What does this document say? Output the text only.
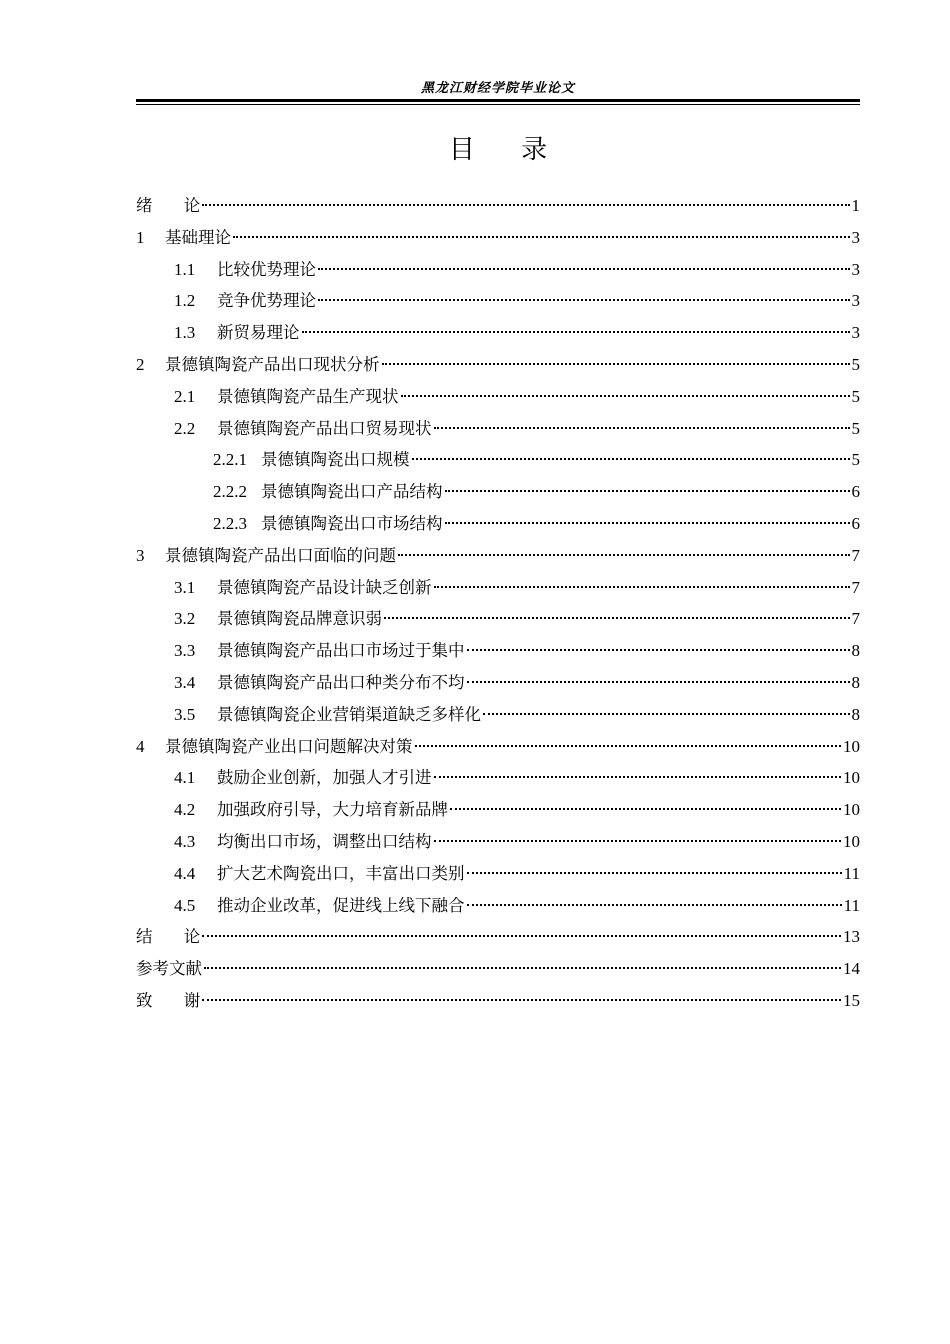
黑龙江财经学院毕业论文
目 录
绪 论	1
1	基础理论	3
1.1	比较优势理论	3
1.2	竞争优势理论	3
1.3	新贸易理论	3
2	景德镇陶瓷产品出口现状分析	5
2.1	景德镇陶瓷产品生产现状	5
2.2	景德镇陶瓷产品出口贸易现状	5
2.2.1 景德镇陶瓷出口规模	5
2.2.2 景德镇陶瓷出口产品结构	6
2.2.3 景德镇陶瓷出口市场结构	6
3	景德镇陶瓷产品出口面临的问题	7
3.1	景德镇陶瓷产品设计缺乏创新	7
3.2	景德镇陶瓷品牌意识弱	7
3.3	景德镇陶瓷产品出口市场过于集中	8
3.4	景德镇陶瓷产品出口种类分布不均	8
3.5	景德镇陶瓷企业营销渠道缺乏多样化	8
4	景德镇陶瓷产业出口问题解决对策	10
4.1	鼓励企业创新，加强人才引进	10
4.2	加强政府引导，大力培育新品牌	10
4.3	均衡出口市场，调整出口结构	10
4.4	扩大艺术陶瓷出口，丰富出口类别	11
4.5	推动企业改革，促进线上线下融合	11
结 论	13
参考文献	14
致 谢	15
